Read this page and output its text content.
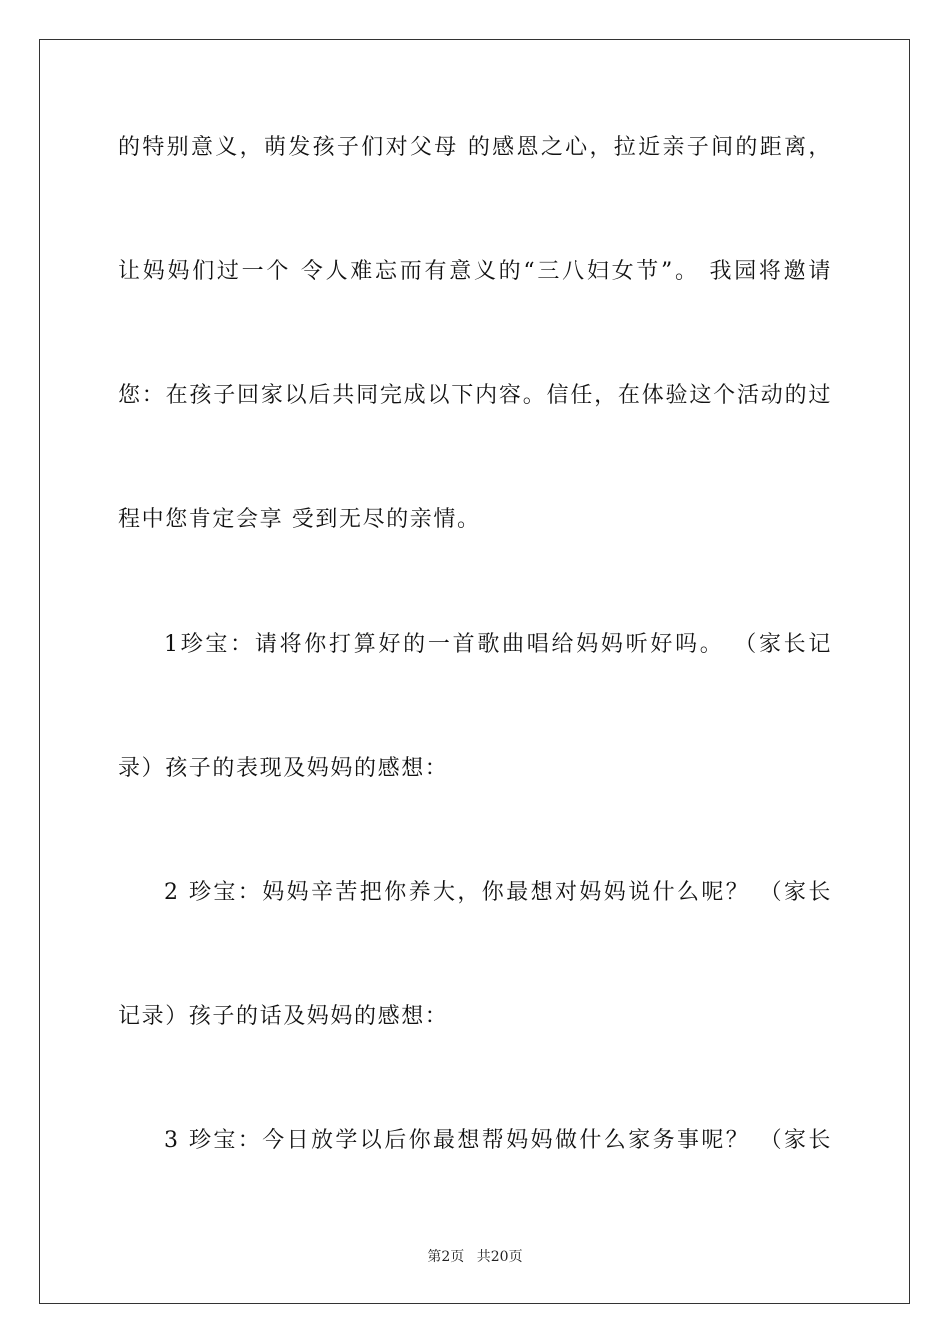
的特别意义，萌发孩子们对父母 的感恩之心，拉近亲子间的距离，
让妈妈们过一个 令人难忘而有意义的“三八妇女节”。 我园将邀请
您：在孩子回家以后共同完成以下内容。信任，在体验这个活动的过
程中您肯定会享 受到无尽的亲情。
1珍宝：请将你打算好的一首歌曲唱给妈妈听好吗。 （家长记
录）孩子的表现及妈妈的感想：
2 珍宝：妈妈辛苦把你养大，你最想对妈妈说什么呢？ （家长
记录）孩子的话及妈妈的感想：
3 珍宝：今日放学以后你最想帮妈妈做什么家务事呢？ （家长
第2页 共20页
